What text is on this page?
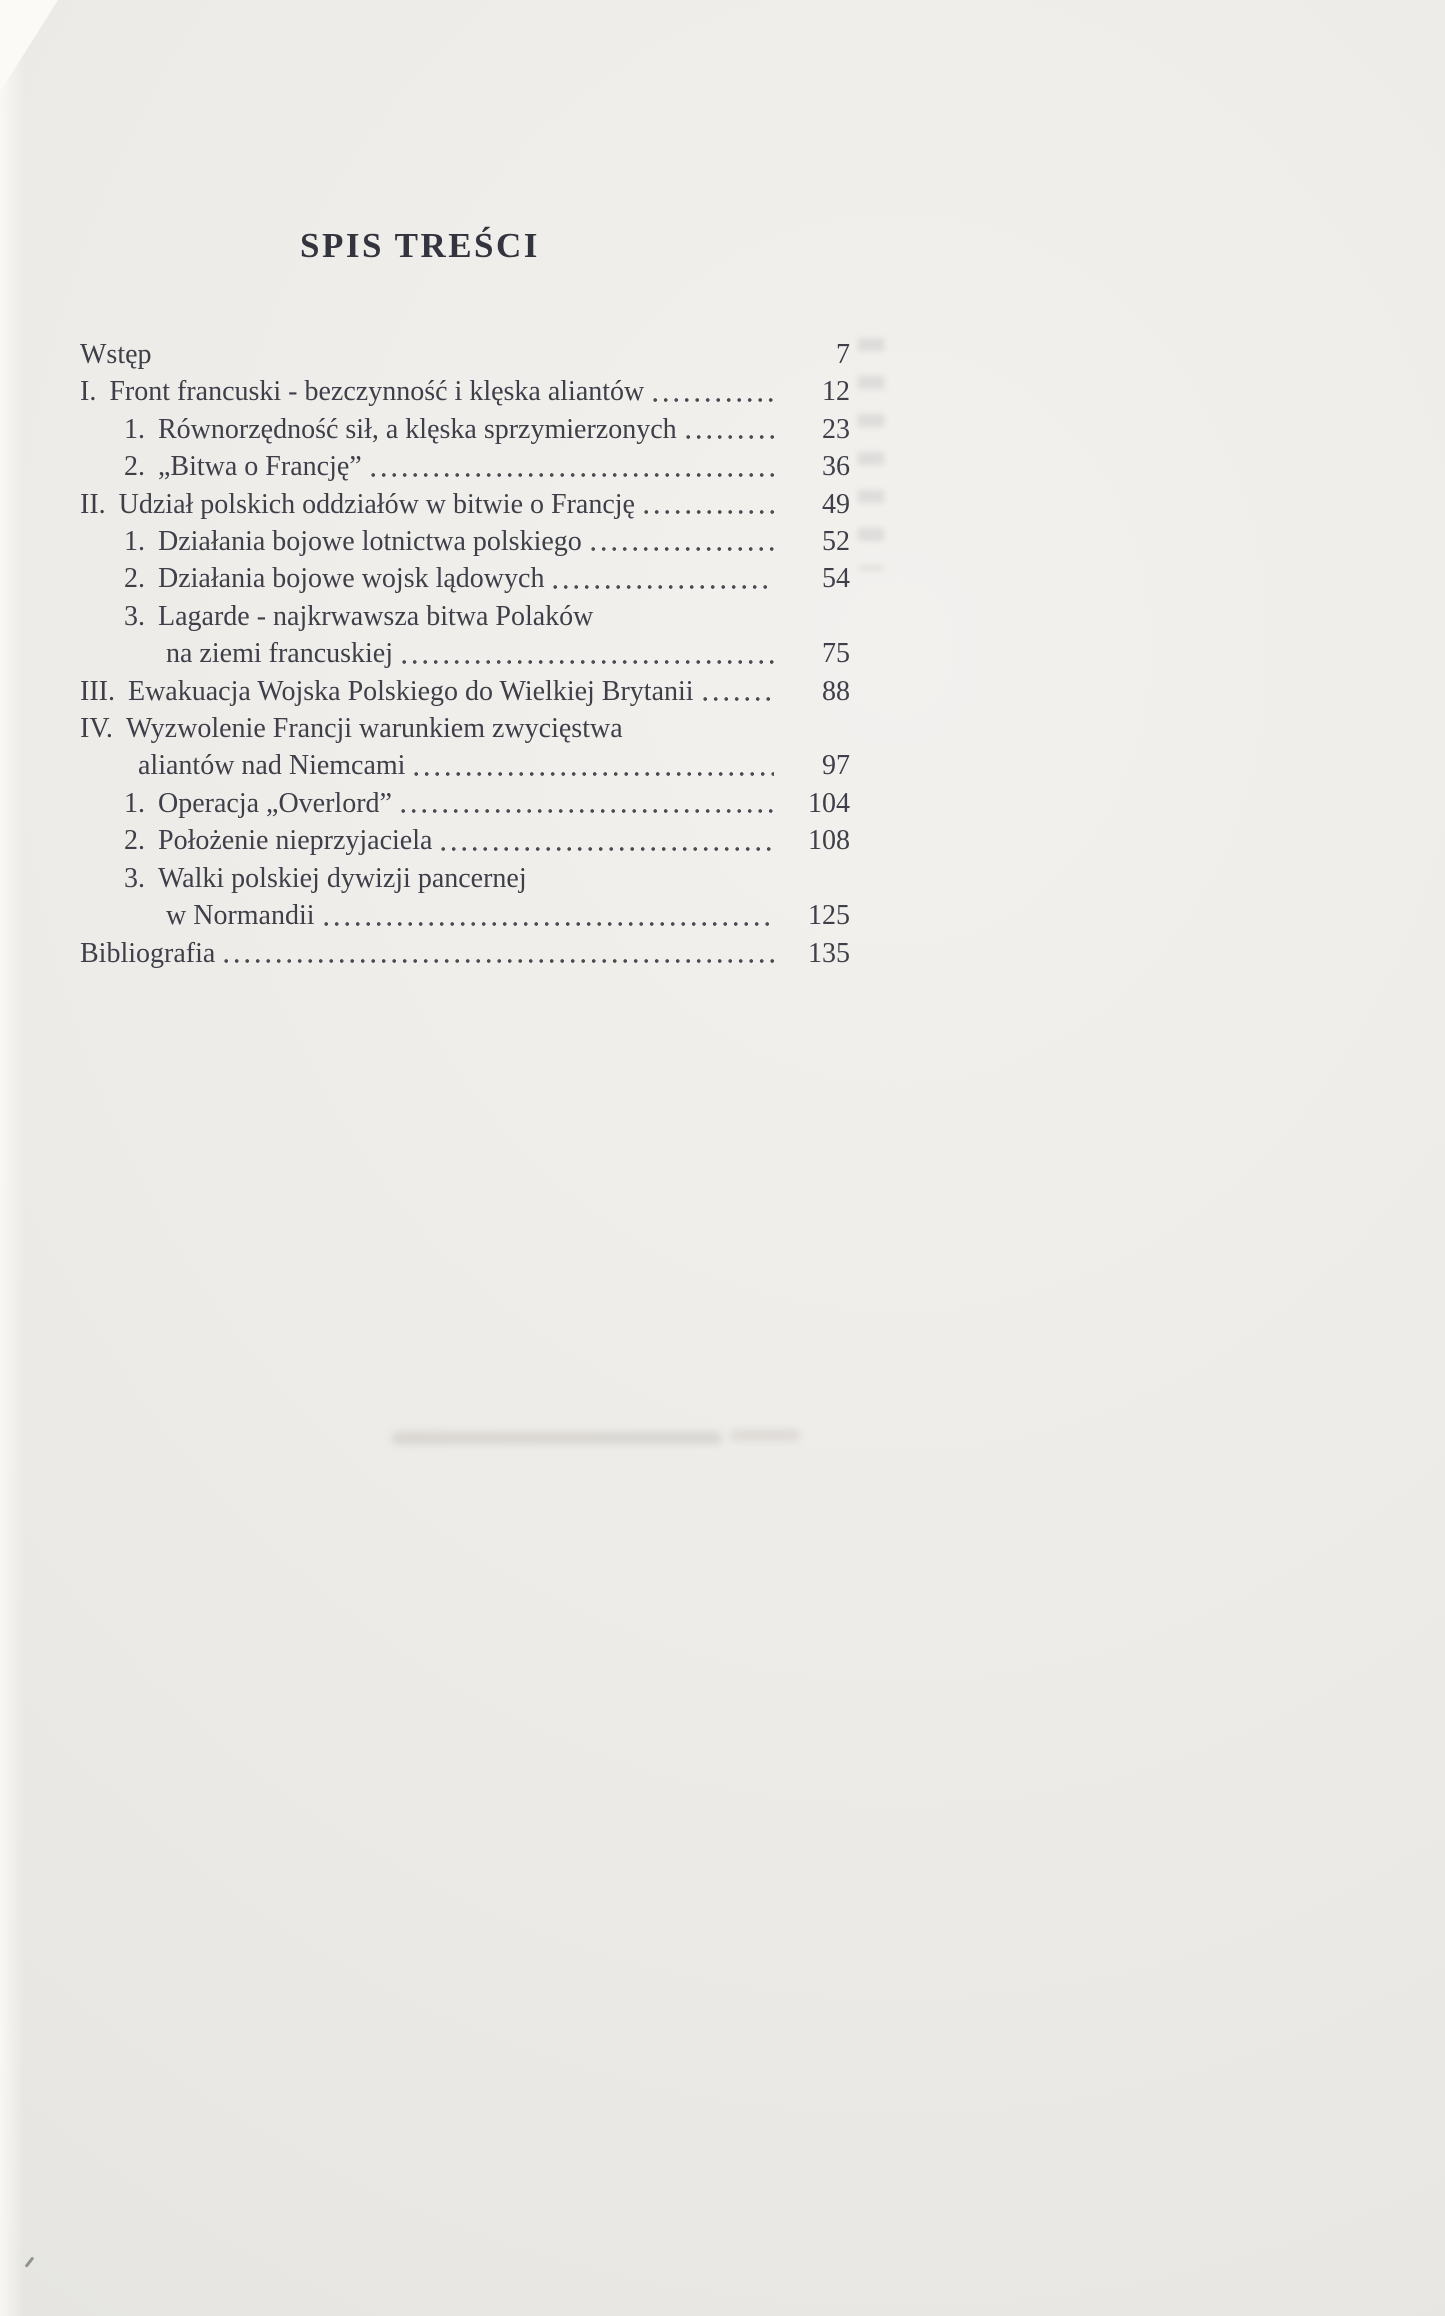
SPIS TREŚCI
Wstęp	7
I. Front francuski - bezczynność i klęska aliantów	12
1. Równorzędność sił, a klęska sprzymierzonych	23
2. „Bitwa o Francję”	36
II. Udział polskich oddziałów w bitwie o Francję	49
1. Działania bojowe lotnictwa polskiego	52
2. Działania bojowe wojsk lądowych	54
3. Lagarde - najkrwawsza bitwa Polaków
na ziemi francuskiej	75
III. Ewakuacja Wojska Polskiego do Wielkiej Brytanii	88
IV. Wyzwolenie Francji warunkiem zwycięstwa
aliantów nad Niemcami	97
1. Operacja „Overlord”	104
2. Położenie nieprzyjaciela	108
3. Walki polskiej dywizji pancernej
w Normandii	125
Bibliografia	135
